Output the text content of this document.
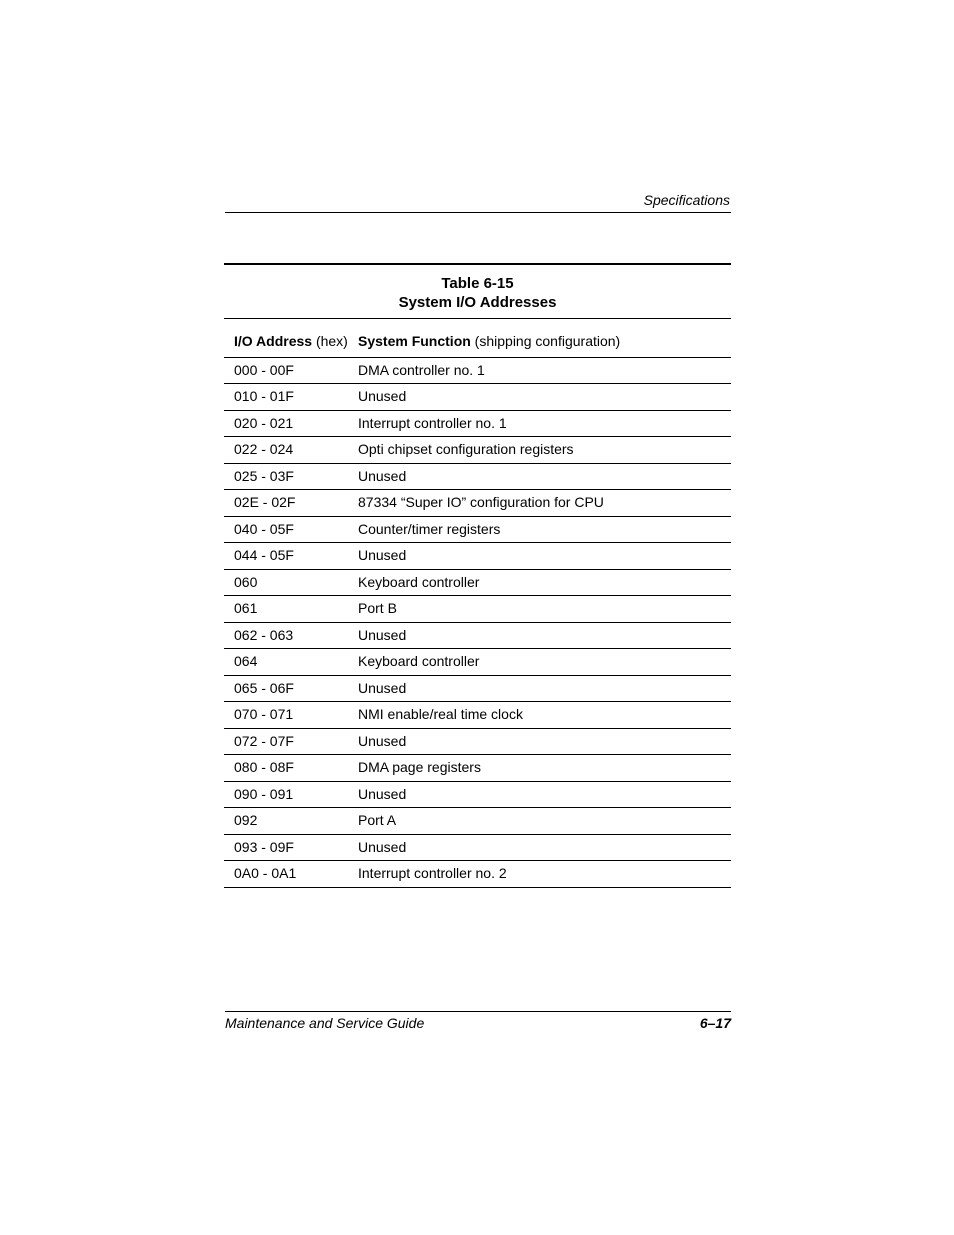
Specifications
Table 6-15
System I/O Addresses
I/O Address (hex)	System Function (shipping configuration)
000 - 00F	DMA controller no. 1
010 - 01F	Unused
020 - 021	Interrupt controller no. 1
022 - 024	Opti chipset configuration registers
025 - 03F	Unused
02E - 02F	87334 “Super IO” configuration for CPU
040 - 05F	Counter/timer registers
044 - 05F	Unused
060	Keyboard controller
061	Port B
062 - 063	Unused
064	Keyboard controller
065 - 06F	Unused
070 - 071	NMI enable/real time clock
072 - 07F	Unused
080 - 08F	DMA page registers
090 - 091	Unused
092	Port A
093 - 09F	Unused
0A0 - 0A1	Interrupt controller no. 2
Maintenance and Service Guide	6–17
